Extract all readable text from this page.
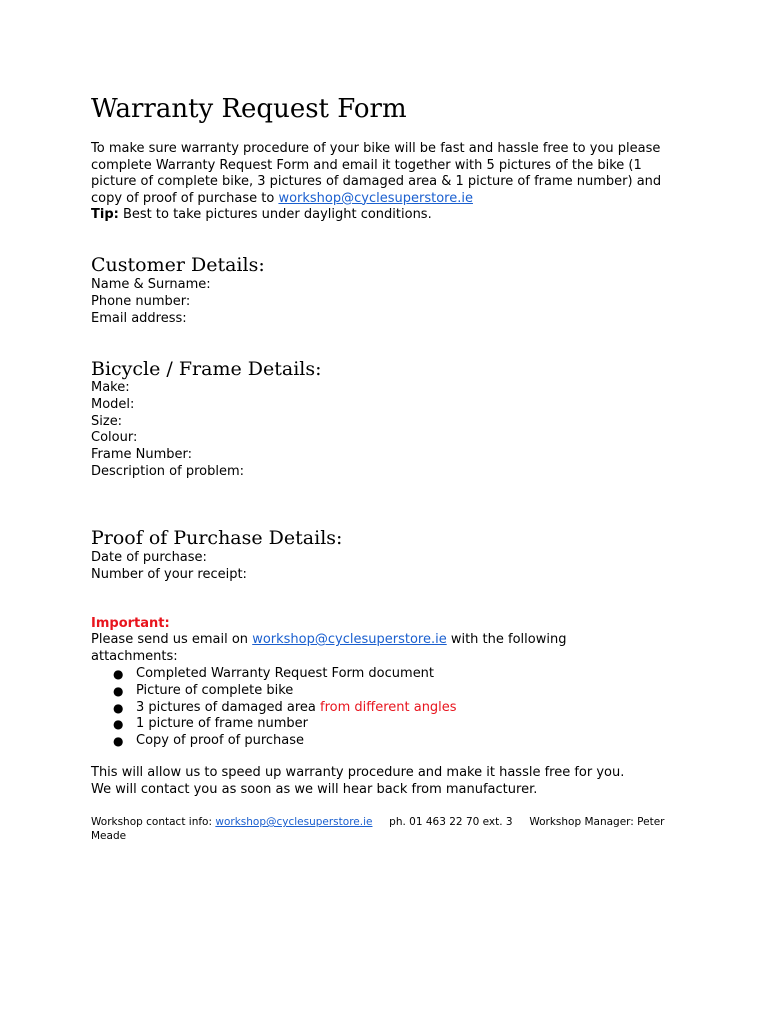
Warranty Request Form

To make sure warranty procedure of your bike will be fast and hassle free to you please complete Warranty Request Form and email it together with 5 pictures of the bike (1 picture of complete bike, 3 pictures of damaged area & 1 picture of frame number) and copy of proof of purchase to workshop@cyclesuperstore.ie
Tip: Best to take pictures under daylight conditions.

Customer Details:
Name & Surname:
Phone number:
Email address:
Bicycle / Frame Details:
Make:
Model:
Size:
Colour:
Frame Number:
Description of problem:
Proof of Purchase Details:
Date of purchase:
Number of your receipt:
Important:

Please send us email on workshop@cyclesuperstore.ie with the following attachments:

● Completed Warranty Request Form document
● Picture of complete bike
● 3 pictures of damaged area from different angles
● 1 picture of frame number
● Copy of proof of purchase

This will allow us to speed up warranty procedure and make it hassle free for you.
We will contact you as soon as we will hear back from manufacturer.

Workshop contact info: workshop@cyclesuperstore.ie ph. 01 463 22 70 ext. 3 Workshop Manager: Peter Meade
